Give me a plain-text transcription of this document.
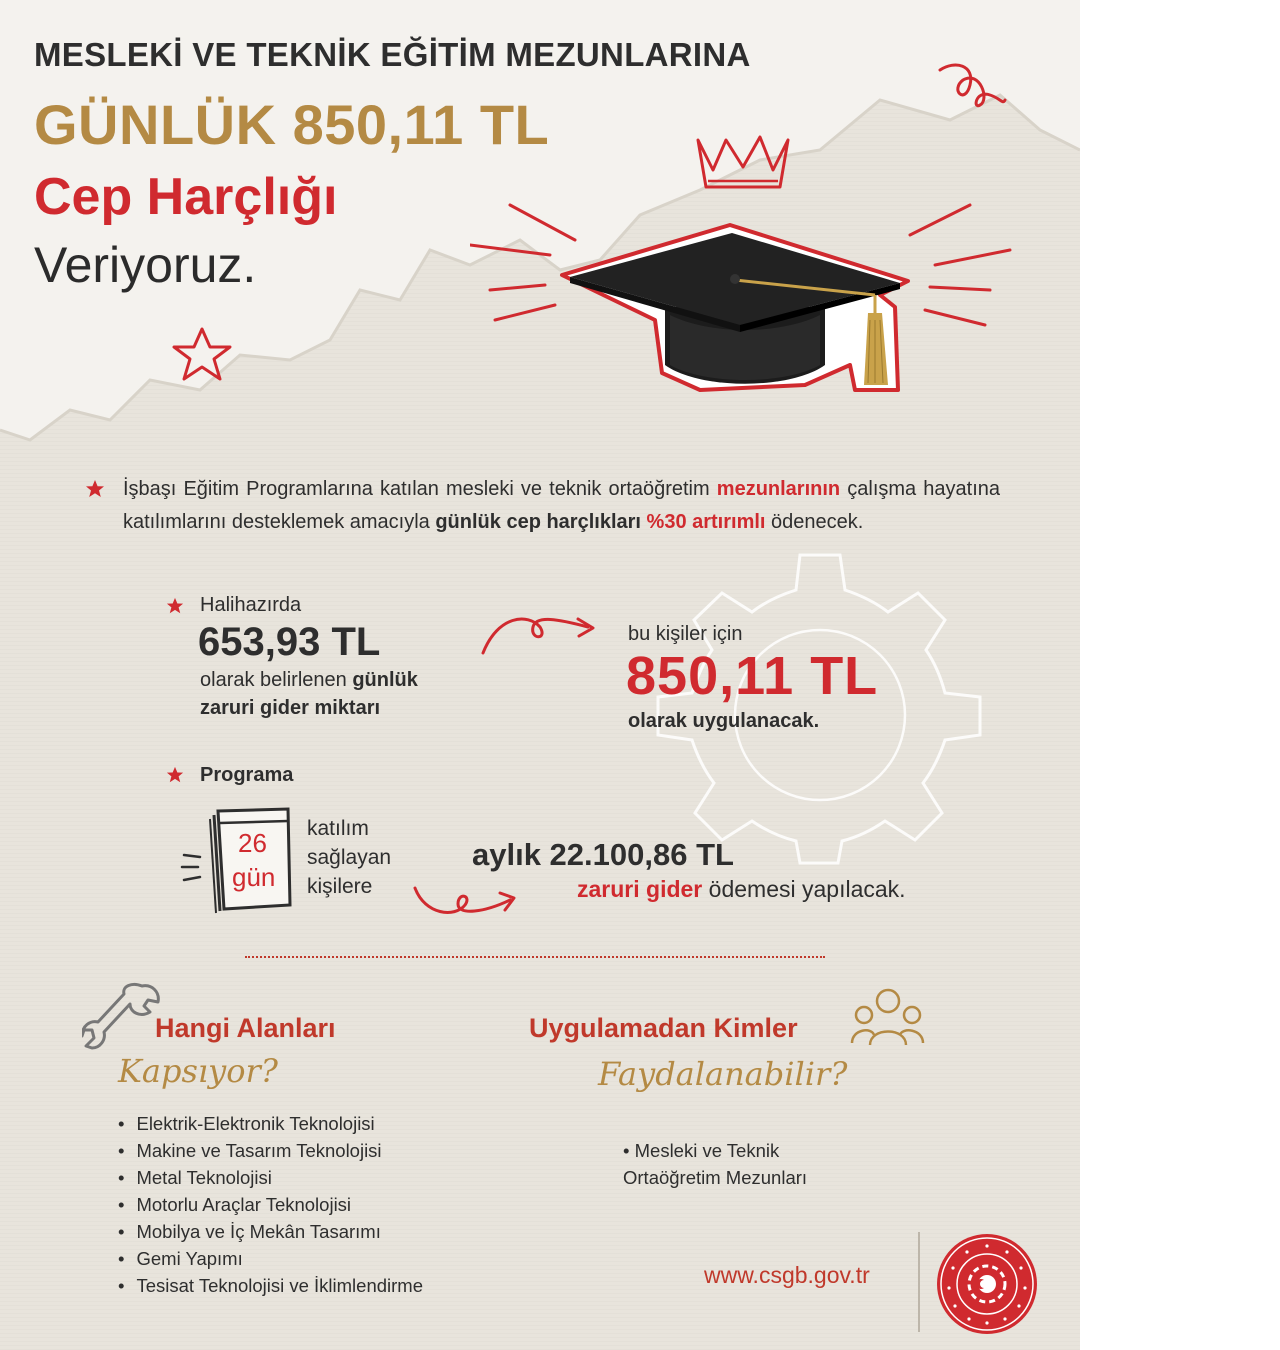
MESLEKİ VE TEKNİK EĞİTİM MEZUNLARINA
GÜNLÜK 850,11 TL
Cep Harçlığı
Veriyoruz.
İşbaşı Eğitim Programlarına katılan mesleki ve teknik ortaöğretim mezunlarının çalışma hayatına katılımlarını desteklemek amacıyla günlük cep harçlıkları %30 artırımlı ödenecek.
Halihazırda
653,93 TL
olarak belirlenen günlük
zaruri gider miktarı
bu kişiler için
850,11 TL
olarak uygulanacak.
Programa
26
gün
katılım
sağlayan
kişilere
aylık 22.100,86 TL
zaruri gider ödemesi yapılacak.
Hangi Alanları
Kapsıyor?
• Elektrik-Elektronik Teknolojisi
• Makine ve Tasarım Teknolojisi
• Metal Teknolojisi
• Motorlu Araçlar Teknolojisi
• Mobilya ve İç Mekân Tasarımı
• Gemi Yapımı
• Tesisat Teknolojisi ve İklimlendirme
Uygulamadan Kimler
Faydalanabilir?
• Mesleki ve Teknik
Ortaöğretim Mezunları
www.csgb.gov.tr
